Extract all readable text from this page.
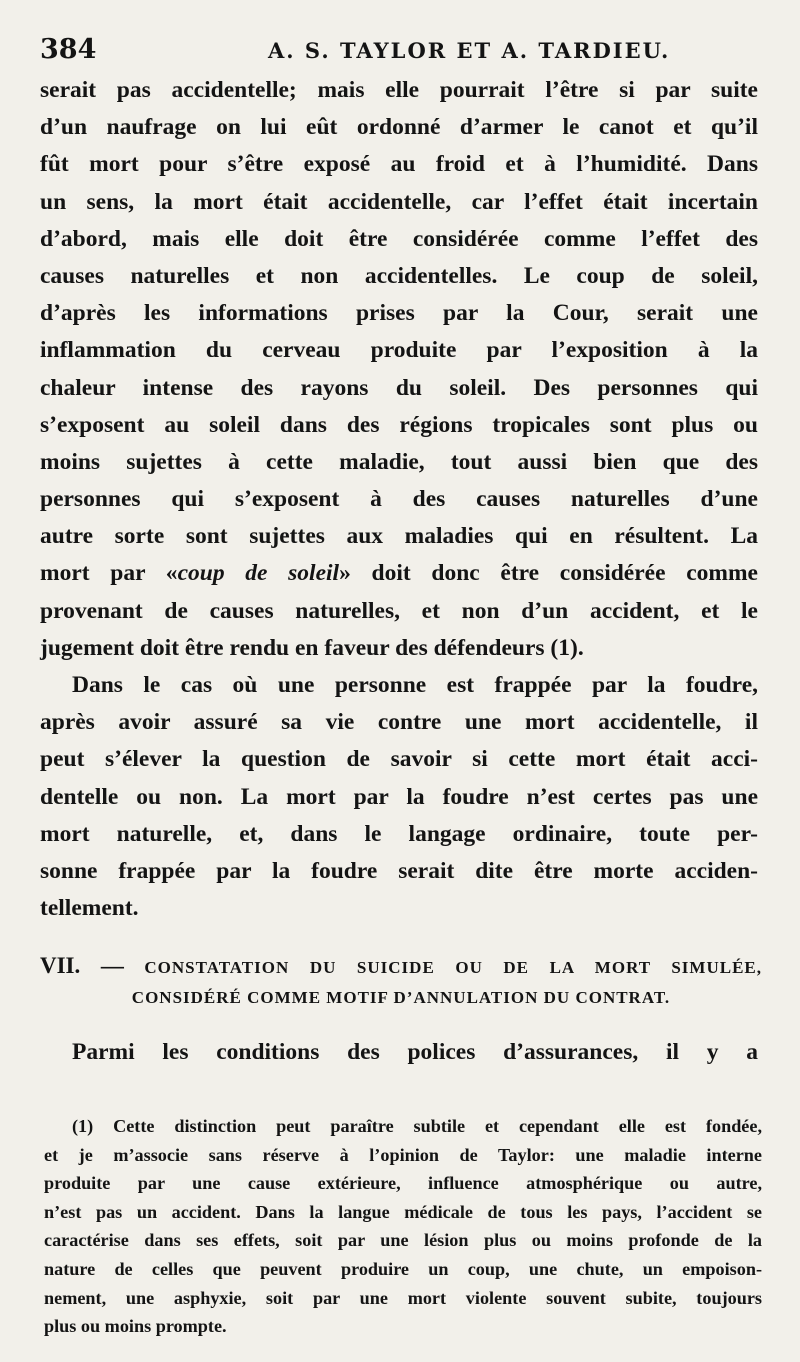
384	A. S. TAYLOR ET A. TARDIEU.
serait pas accidentelle; mais elle pourrait l’être si par suite
d’un naufrage on lui eût ordonné d’armer le canot et qu’il
fût mort pour s’être exposé au froid et à l’humidité. Dans
un sens, la mort était accidentelle, car l’effet était incertain
d’abord, mais elle doit être considérée comme l’effet des
causes naturelles et non accidentelles. Le coup de soleil,
d’après les informations prises par la Cour, serait une
inflammation du cerveau produite par l’exposition à la
chaleur intense des rayons du soleil. Des personnes qui
s’exposent au soleil dans des régions tropicales sont plus ou
moins sujettes à cette maladie, tout aussi bien que des
personnes qui s’exposent à des causes naturelles d’une
autre sorte sont sujettes aux maladies qui en résultent. La
mort par «coup de soleil» doit donc être considérée comme
provenant de causes naturelles, et non d’un accident, et le
jugement doit être rendu en faveur des défendeurs (1).
Dans le cas où une personne est frappée par la foudre,
après avoir assuré sa vie contre une mort accidentelle, il
peut s’élever la question de savoir si cette mort était acci-
dentelle ou non. La mort par la foudre n’est certes pas une
mort naturelle, et, dans le langage ordinaire, toute per-
sonne frappée par la foudre serait dite être morte acciden-
tellement.
VII. — CONSTATATION DU SUICIDE OU DE LA MORT SIMULÉE,
CONSIDÉRÉ COMME MOTIF D’ANNULATION DU CONTRAT.
Parmi les conditions des polices d’assurances, il y a
(1) Cette distinction peut paraître subtile et cependant elle est fondée,
et je m’associe sans réserve à l’opinion de Taylor: une maladie interne
produite par une cause extérieure, influence atmosphérique ou autre,
n’est pas un accident. Dans la langue médicale de tous les pays, l’accident se
caractérise dans ses effets, soit par une lésion plus ou moins profonde de la
nature de celles que peuvent produire un coup, une chute, un empoison-
nement, une asphyxie, soit par une mort violente souvent subite, toujours
plus ou moins prompte.
